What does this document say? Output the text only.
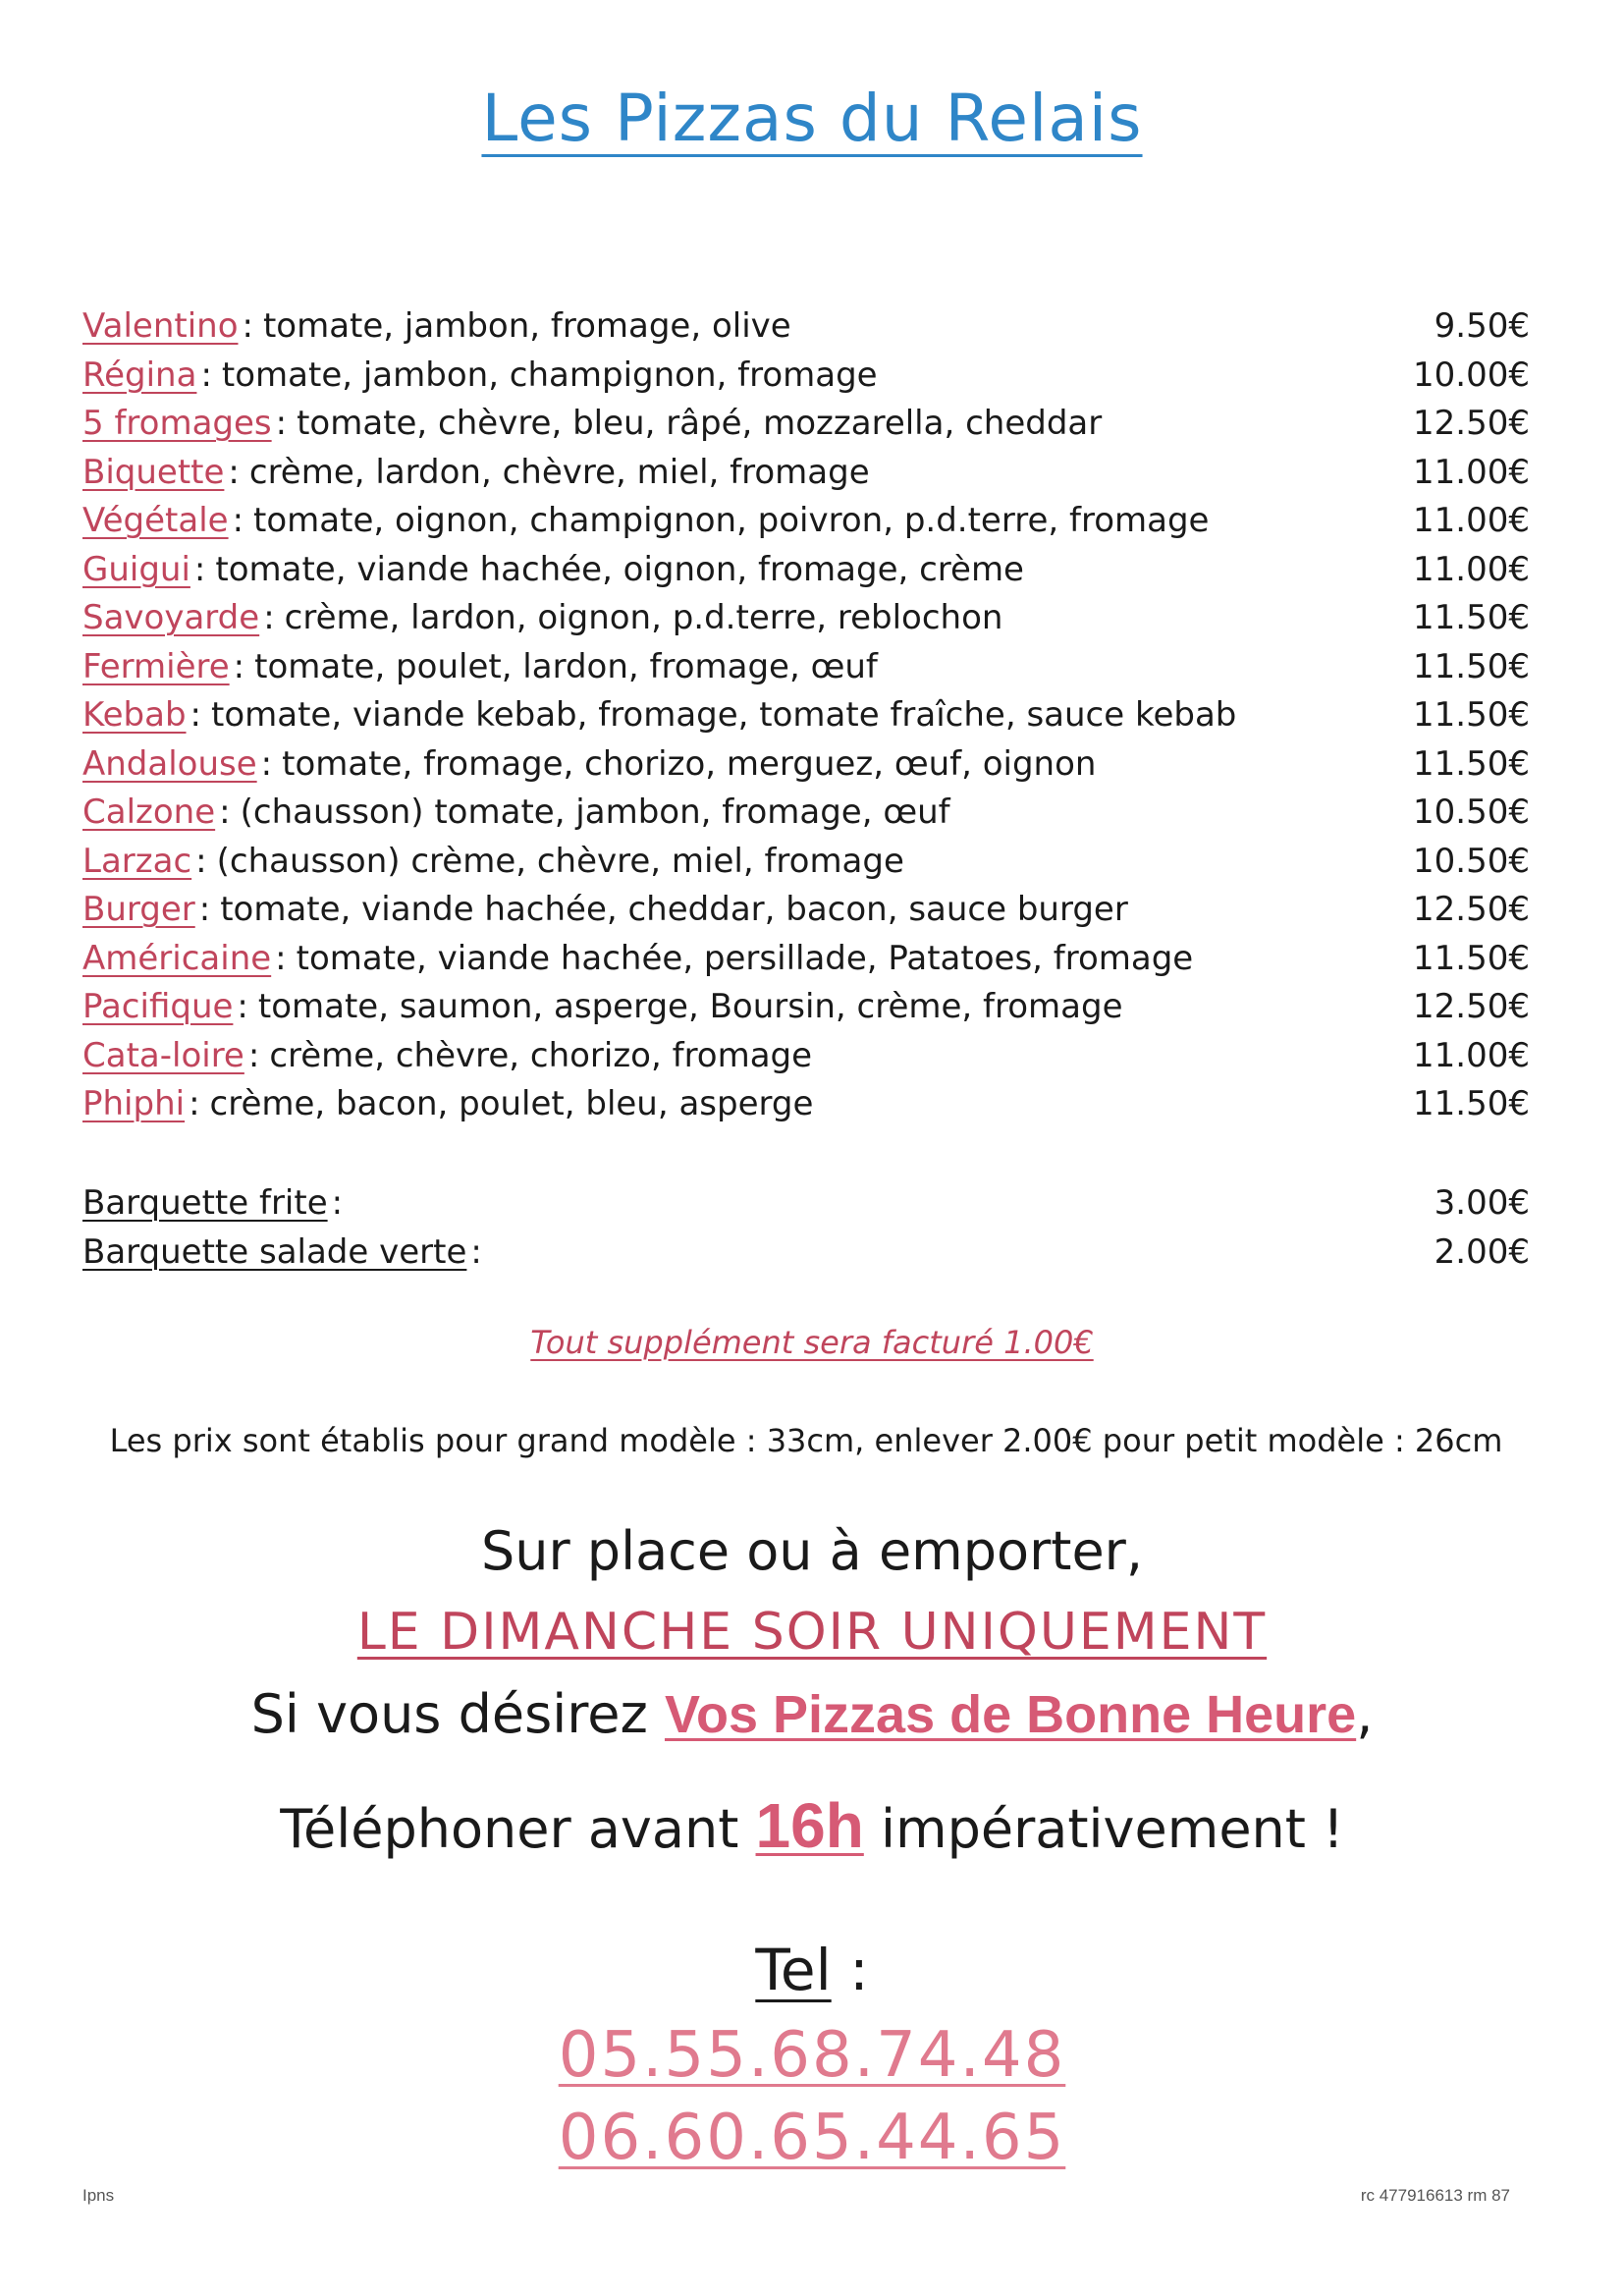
Les Pizzas du Relais
Valentino : tomate, jambon, fromage, olive	9.50€
Régina : tomate, jambon, champignon, fromage	10.00€
5 fromages : tomate, chèvre, bleu, râpé, mozzarella, cheddar	12.50€
Biquette : crème, lardon, chèvre, miel, fromage	11.00€
Végétale : tomate, oignon, champignon, poivron, p.d.terre, fromage	11.00€
Guigui : tomate, viande hachée, oignon, fromage, crème	11.00€
Savoyarde : crème, lardon, oignon, p.d.terre, reblochon	11.50€
Fermière : tomate, poulet, lardon, fromage, œuf	11.50€
Kebab : tomate, viande kebab, fromage, tomate fraîche, sauce kebab	11.50€
Andalouse : tomate, fromage, chorizo, merguez, œuf, oignon	11.50€
Calzone : (chausson) tomate, jambon, fromage, œuf	10.50€
Larzac : (chausson) crème, chèvre, miel, fromage	10.50€
Burger : tomate, viande hachée, cheddar, bacon, sauce burger	12.50€
Américaine : tomate, viande hachée, persillade, Patatoes, fromage	11.50€
Pacifique : tomate, saumon, asperge, Boursin, crème, fromage	12.50€
Cata-loire : crème, chèvre, chorizo, fromage	11.00€
Phiphi : crème, bacon, poulet, bleu, asperge	11.50€
Barquette frite :	3.00€
Barquette salade verte :	2.00€
Tout supplément sera facturé 1.00€
Les prix sont établis pour grand modèle : 33cm, enlever 2.00€ pour petit modèle : 26cm
Sur place ou à emporter,
LE DIMANCHE SOIR UNIQUEMENT
Si vous désirez Vos Pizzas de Bonne Heure,
Téléphoner avant 16h impérativement !
Tel :
05.55.68.74.48
06.60.65.44.65
Ipns	rc 477916613 rm 87
